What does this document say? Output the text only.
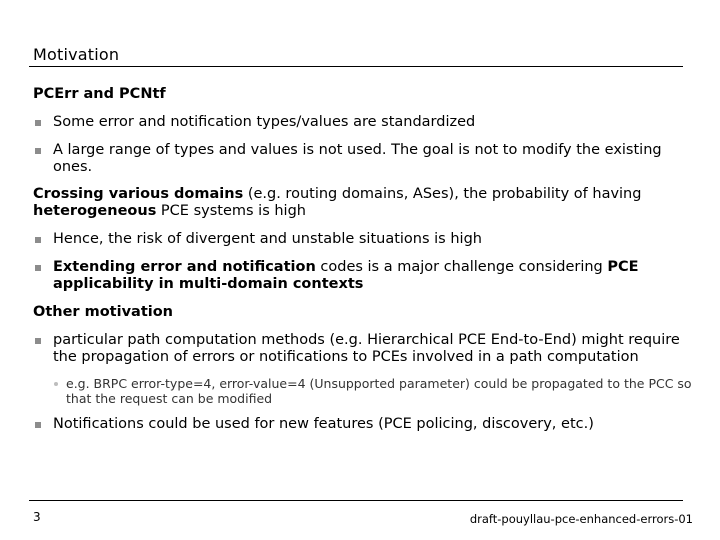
Motivation

PCErr and PCNtf

Some error and notification types/values are standardized
A large range of types and values is not used. The goal is not to modify the existing ones.

Crossing various domains (e.g. routing domains, ASes), the probability of having heterogeneous PCE systems is high

Hence, the risk of divergent and unstable situations is high
Extending error and notification codes is a major challenge considering PCE applicability in multi-domain contexts

Other motivation

particular path computation methods (e.g. Hierarchical PCE End-to-End) might require the propagation of errors or notifications to PCEs involved in a path computation
e.g. BRPC error-type=4, error-value=4 (Unsupported parameter) could be propagated to the PCC so that the request can be modified
Notifications could be used for new features (PCE policing, discovery, etc.)
3	draft-pouyllau-pce-enhanced-errors-01
